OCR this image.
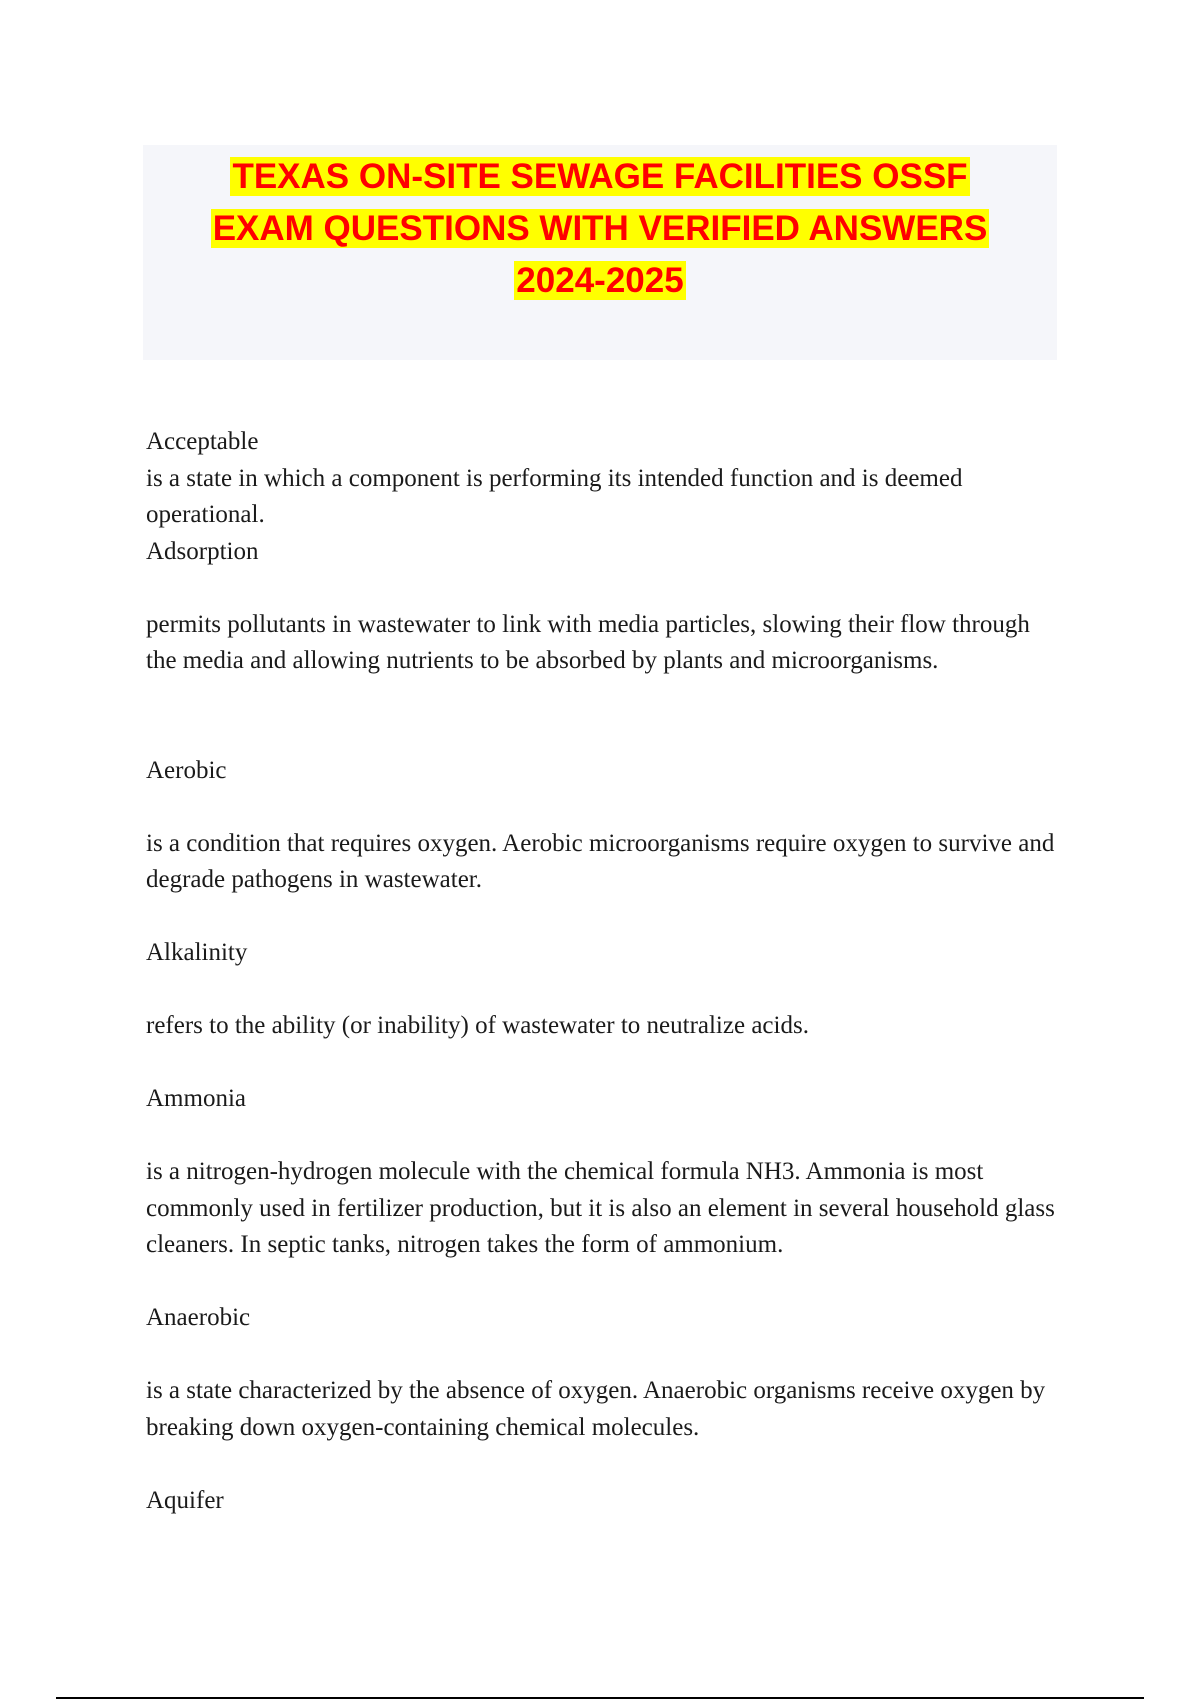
TEXAS ON-SITE SEWAGE FACILITIES OSSF
EXAM QUESTIONS WITH VERIFIED ANSWERS
2024-2025

Acceptable

is a state in which a component is performing its intended function and is deemed operational.

Adsorption

permits pollutants in wastewater to link with media particles, slowing their flow through the media and allowing nutrients to be absorbed by plants and microorganisms.

Aerobic

is a condition that requires oxygen. Aerobic microorganisms require oxygen to survive and degrade pathogens in wastewater.

Alkalinity

refers to the ability (or inability) of wastewater to neutralize acids.

Ammonia

is a nitrogen-hydrogen molecule with the chemical formula NH3. Ammonia is most commonly used in fertilizer production, but it is also an element in several household glass cleaners. In septic tanks, nitrogen takes the form of ammonium.

Anaerobic

is a state characterized by the absence of oxygen. Anaerobic organisms receive oxygen by breaking down oxygen-containing chemical molecules.

Aquifer
